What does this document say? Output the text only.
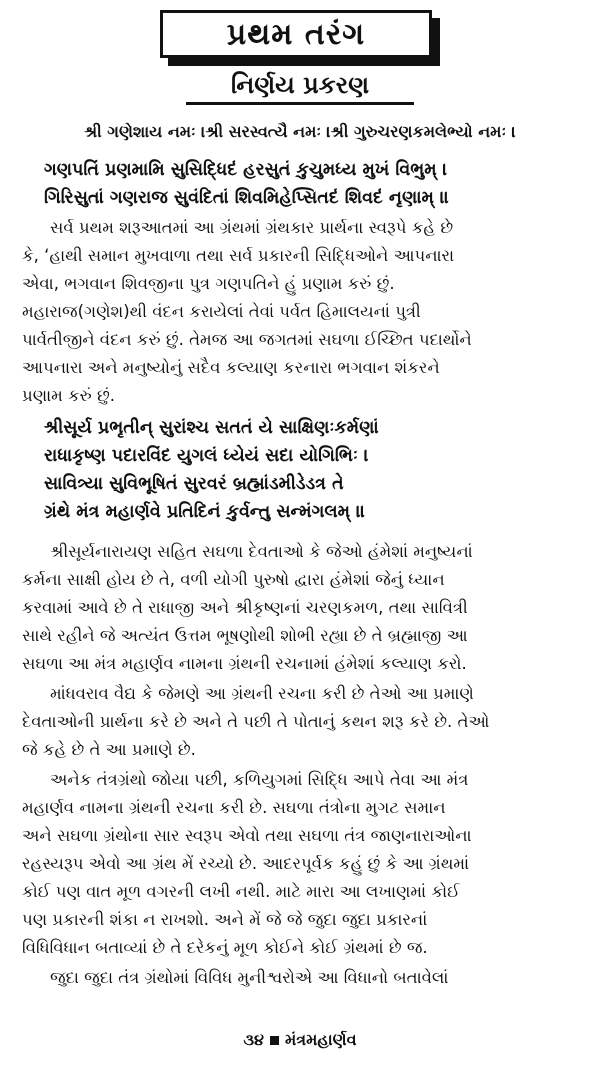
પ્રથમ તરંગ
નિર્ણય પ્રકરણ
શ્રી ગણેશાય નમઃ ।શ્રી સરસ્વત્યૈ નમઃ ।શ્રી ગુરુચરણકમલેભ્યો નમઃ ।
ગણપતિં પ્રણમામિ સુસિદ્ધિદં હરસુતં કુચુમધ્ય મુખં વિભુમ્ ।
ગિરિસુતાં ગણરાજ સુવંદિતાં શિવમિહેપ્સિતદં શિવદં નૃણામ્ ॥
સર્વ પ્રથમ શરૂઆતમાં આ ગ્રંથમાં ગ્રંથકાર પ્રાર્થના સ્વરૂપે કહે છે
કે, ‘હાથી સમાન મુખવાળા તથા સર્વ પ્રકારની સિદ્ધિઓને આપનારા
એવા, ભગવાન શિવજીના પુત્ર ગણપતિને હું પ્રણામ કરું છું.
મહારાજ(ગણેશ)થી વંદન કરાયેલાં તેવાં પર્વત હિમાલયનાં પુત્રી
પાર્વતીજીને વંદન કરું છું. તેમજ આ જગતમાં સઘળા ઈચ્છિત પદાર્થોને
આપનારા અને મનુષ્યોનું સદૈવ કલ્યાણ કરનારા ભગવાન શંકરને
પ્રણામ કરું છું.
શ્રીસૂર્ય પ્રભૃતીન્ સુરાંશ્ચ સતતં યે સાક્ષિણઃકર્મણાં
રાધાકૃષ્ણ પદારવિંદ યુગલં ધ્યેયં સદા યોગિભિઃ ।
સાવિત્ર્યા સુવિભૂષિતં સુરવરં બ્રહ્માંડમીડેડત્ર તે
ગ્રંથે મંત્ર મહાર્ણવે પ્રતિદિનં કુર્વન્તુ સન્મંગલમ્ ॥
શ્રીસૂર્યનારાયણ સહિત સઘળા દેવતાઓ કે જેઓ હંમેશાં મનુષ્યનાં
કર્મના સાક્ષી હોય છે તે, વળી યોગી પુરુષો દ્વારા હંમેશાં જેનું ધ્યાન
કરવામાં આવે છે તે રાધાજી અને શ્રીકૃષ્ણનાં ચરણકમળ, તથા સાવિત્રી
સાથે રહીને જે અત્યંત ઉત્તમ ભૂષણોથી શોભી રહ્યા છે તે બ્રહ્માજી આ
સઘળા આ મંત્ર મહાર્ણવ નામના ગ્રંથની રચનામાં હંમેશાં કલ્યાણ કરો.
માંધવરાવ વૈદ્ય કે જેમણે આ ગ્રંથની રચના કરી છે તેઓ આ પ્રમાણે
દેવતાઓની પ્રાર્થના કરે છે અને તે પછી તે પોતાનું કથન શરૂ કરે છે. તેઓ
જે કહે છે તે આ પ્રમાણે છે.
અનેક તંત્રગ્રંથો જોયા પછી, કળિયુગમાં સિદ્ધિ આપે તેવા આ મંત્ર
મહાર્ણવ નામના ગ્રંથની રચના કરી છે. સઘળા તંત્રોના મુગટ સમાન
અને સઘળા ગ્રંથોના સાર સ્વરૂપ એવો તથા સઘળા તંત્ર જાણનારાઓના
રહસ્યરૂપ એવો આ ગ્રંથ મેં રચ્યો છે. આદરપૂર્વક કહું છું કે આ ગ્રંથમાં
કોઈ પણ વાત મૂળ વગરની લખી નથી. માટે મારા આ લખાણમાં કોઈ
પણ પ્રકારની શંકા ન રાખશો. અને મેં જે જે જુદા જુદા પ્રકારનાં
વિધિવિધાન બતાવ્યાં છે તે દરેકનું મૂળ કોઈને કોઈ ગ્રંથમાં છે જ.
જુદા જુદા તંત્ર ગ્રંથોમાં વિવિધ મુનીશ્વરોએ આ વિધાનો બતાવેલાં
૩૪ મંત્રમહાર્ણવ
